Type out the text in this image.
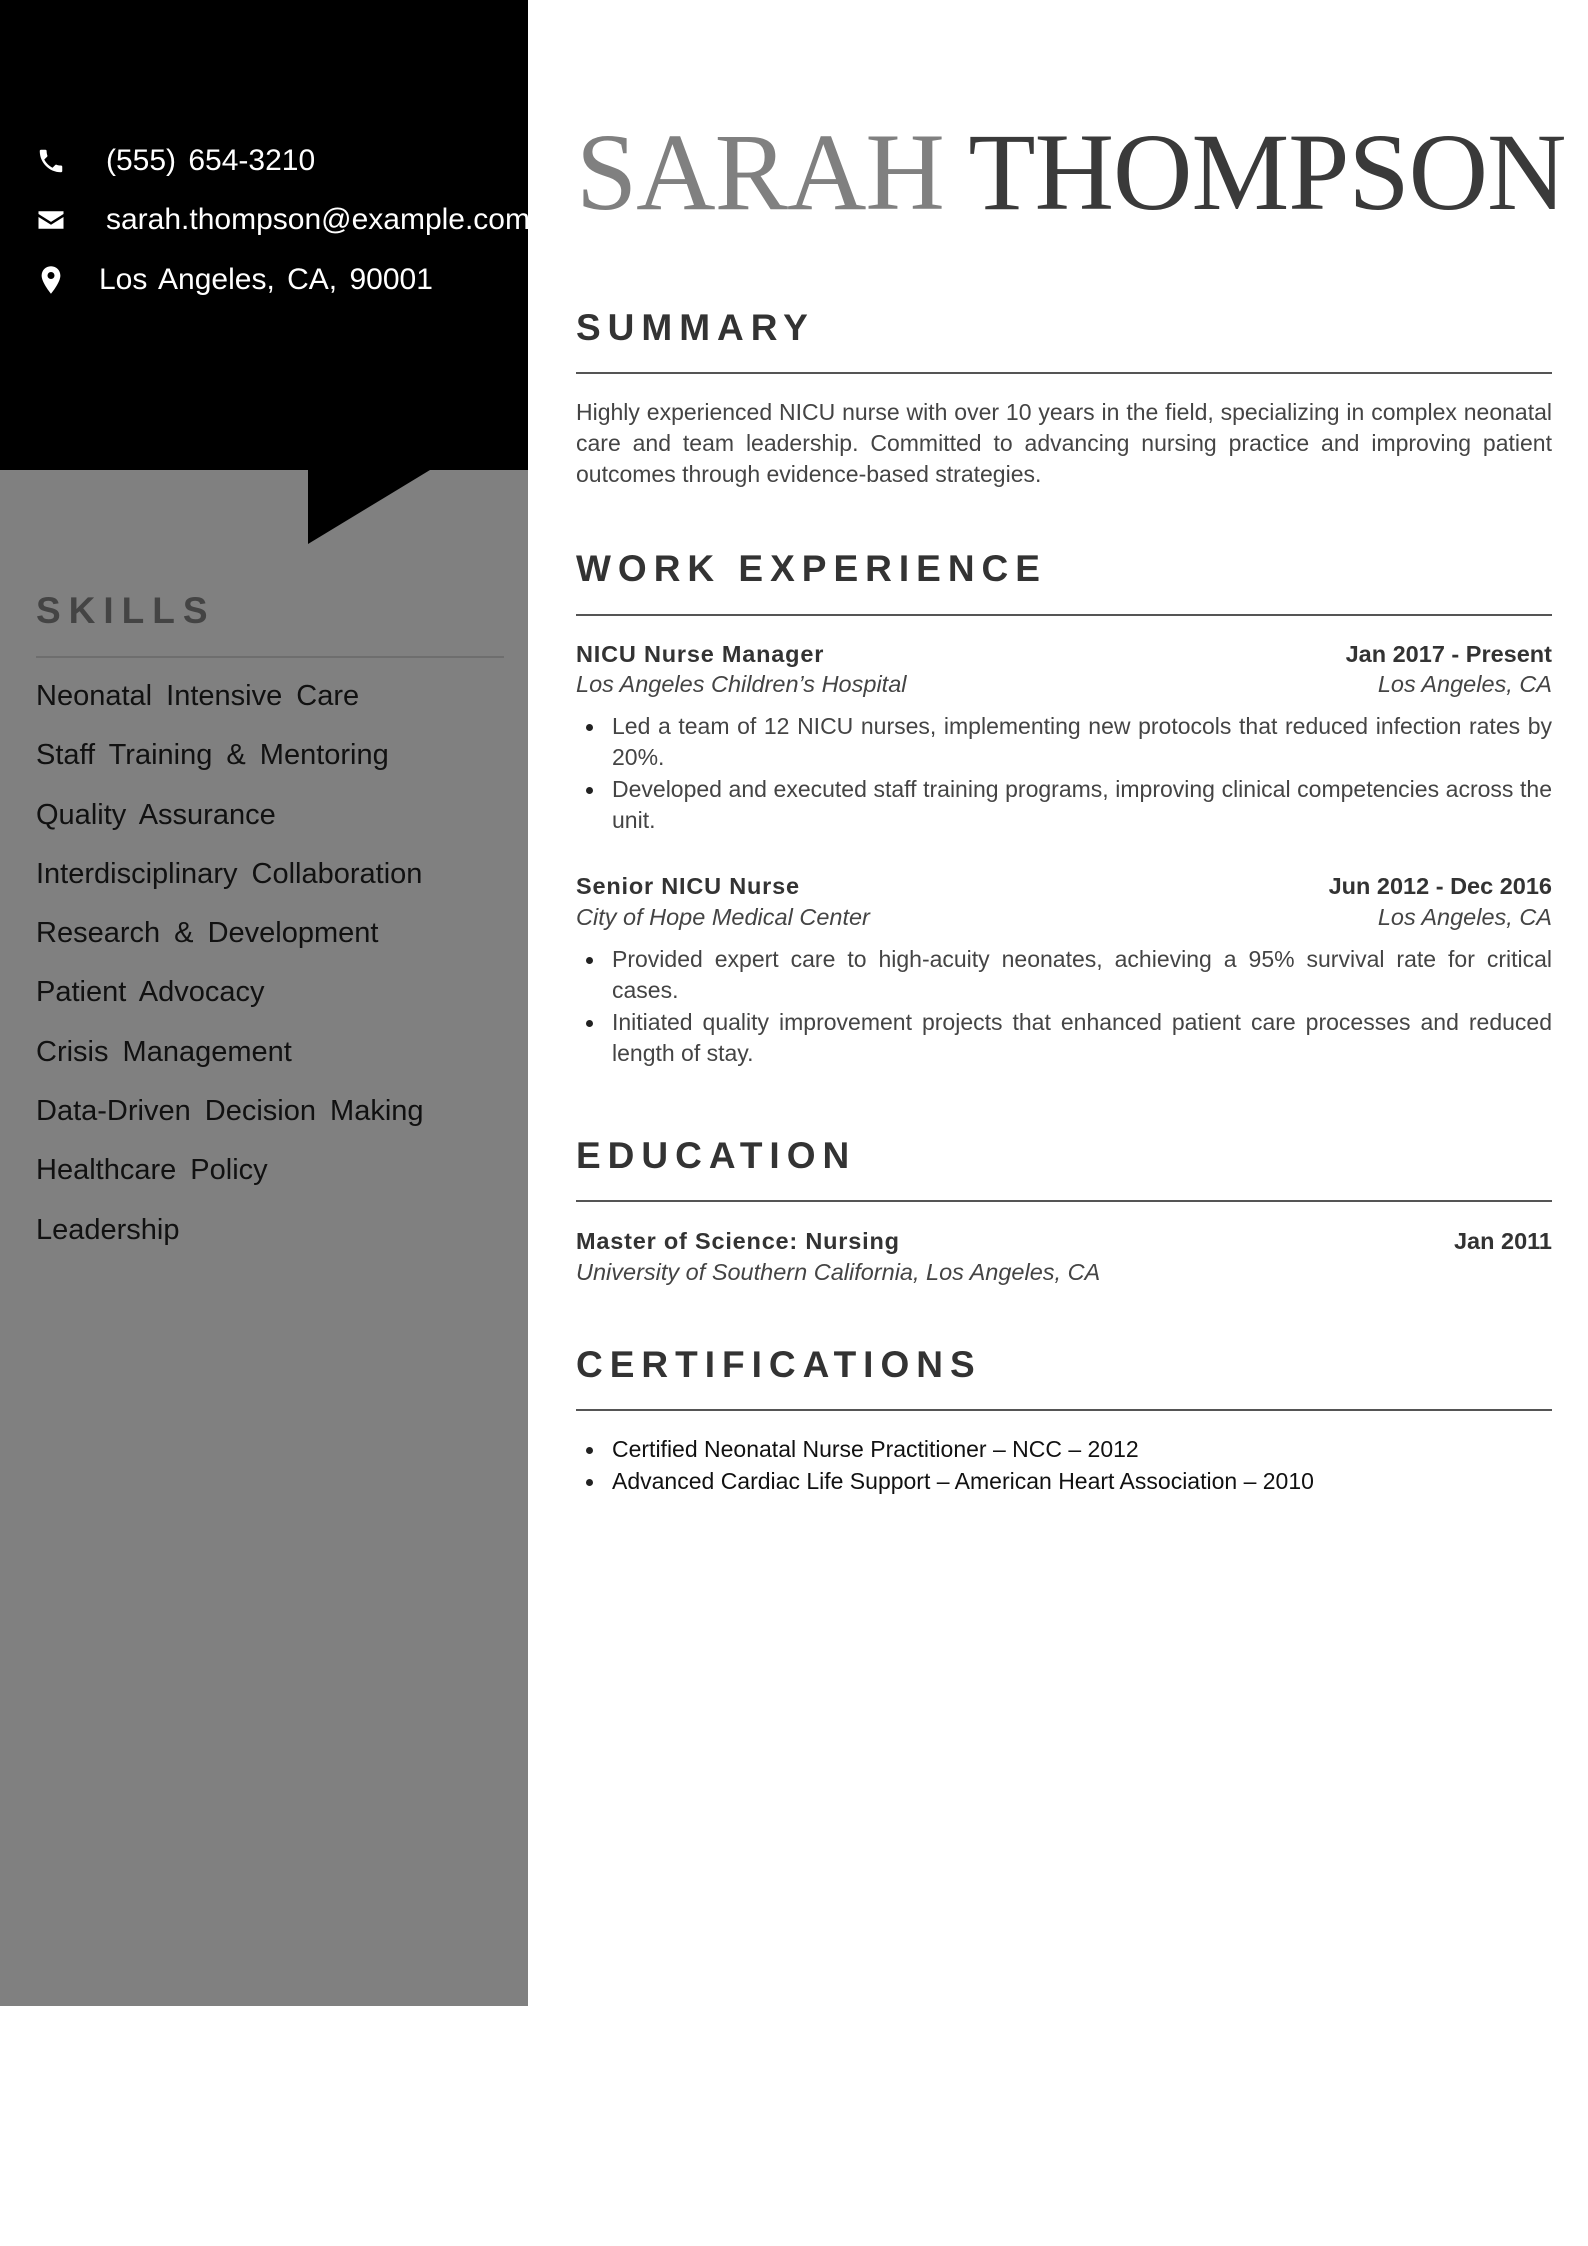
(555) 654-3210
sarah.thompson@example.com
Los Angeles, CA, 90001
SKILLS
Neonatal Intensive Care
Staff Training & Mentoring
Quality Assurance
Interdisciplinary Collaboration
Research & Development
Patient Advocacy
Crisis Management
Data-Driven Decision Making
Healthcare Policy
Leadership
SARAH THOMPSON
SUMMARY

Highly experienced NICU nurse with over 10 years in the field, specializing in complex neonatal care and team leadership. Committed to advancing nursing practice and improving patient outcomes through evidence-based strategies.

WORK EXPERIENCE
NICU Nurse Manager	Jan 2017 - Present
Los Angeles Children’s Hospital	Los Angeles, CA
Led a team of 12 NICU nurses, implementing new protocols that reduced infection rates by 20%.
Developed and executed staff training programs, improving clinical competencies across the unit.
Senior NICU Nurse	Jun 2012 - Dec 2016
City of Hope Medical Center	Los Angeles, CA
Provided expert care to high-acuity neonates, achieving a 95% survival rate for critical cases.
Initiated quality improvement projects that enhanced patient care processes and reduced length of stay.
EDUCATION
Master of Science: Nursing	Jan 2011
University of Southern California, Los Angeles, CA
CERTIFICATIONS
Certified Neonatal Nurse Practitioner – NCC – 2012
Advanced Cardiac Life Support – American Heart Association – 2010
